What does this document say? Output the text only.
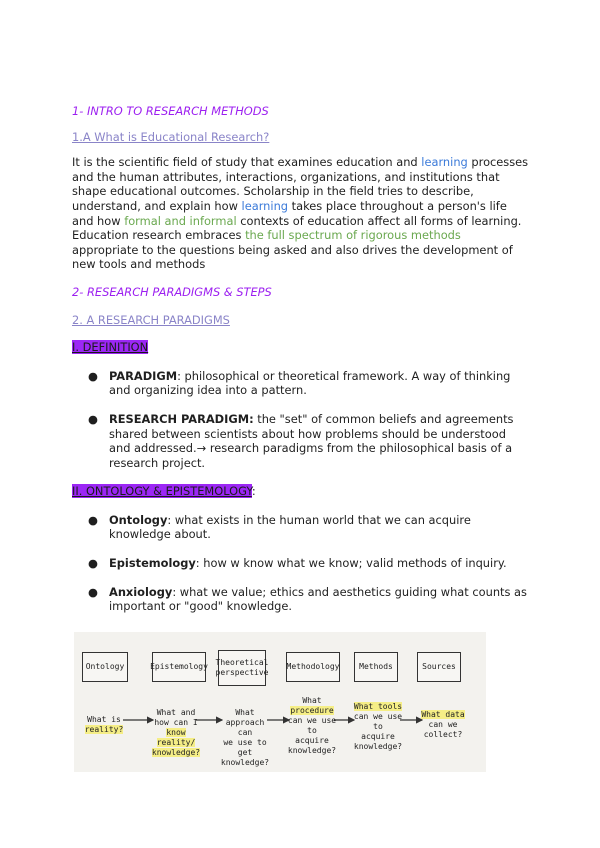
1- INTRO TO RESEARCH METHODS

1.A What is Educational Research?

It is the scientific field of study that examines education and learning processes and the human attributes, interactions, organizations, and institutions that shape educational outcomes. Scholarship in the field tries to describe, understand, and explain how learning takes place throughout a person's life and how formal and informal contexts of education affect all forms of learning. Education research embraces the full spectrum of rigorous methods appropriate to the questions being asked and also drives the development of new tools and methods

2- RESEARCH PARADIGMS & STEPS

2. A RESEARCH PARADIGMS

I. DEFINITION

● PARADIGM: philosophical or theoretical framework. A way of thinking and organizing idea into a pattern.
● RESEARCH PARADIGM: the "set" of common beliefs and agreements shared between scientists about how problems should be understood and addressed.→ research paradigms from the philosophical basis of a research project.

II. ONTOLOGY & EPISTEMOLOGY:

● Ontology: what exists in the human world that we can acquire knowledge about.
● Epistemology: how w know what we know; valid methods of inquiry.
● Anxiology: what we value; ethics and aesthetics guiding what counts as important or "good" knowledge.
Ontology	Epistemology Theoretical perspective
Methodology	Methods	Sources
What is
reality?
What and
how can I
know reality/
knowledge?
What
approach can
we use to get
knowledge?
What
procedure
can we use to
acquire
knowledge?
What tools
can we use to
acquire
knowledge?
What data
can we
collect?
